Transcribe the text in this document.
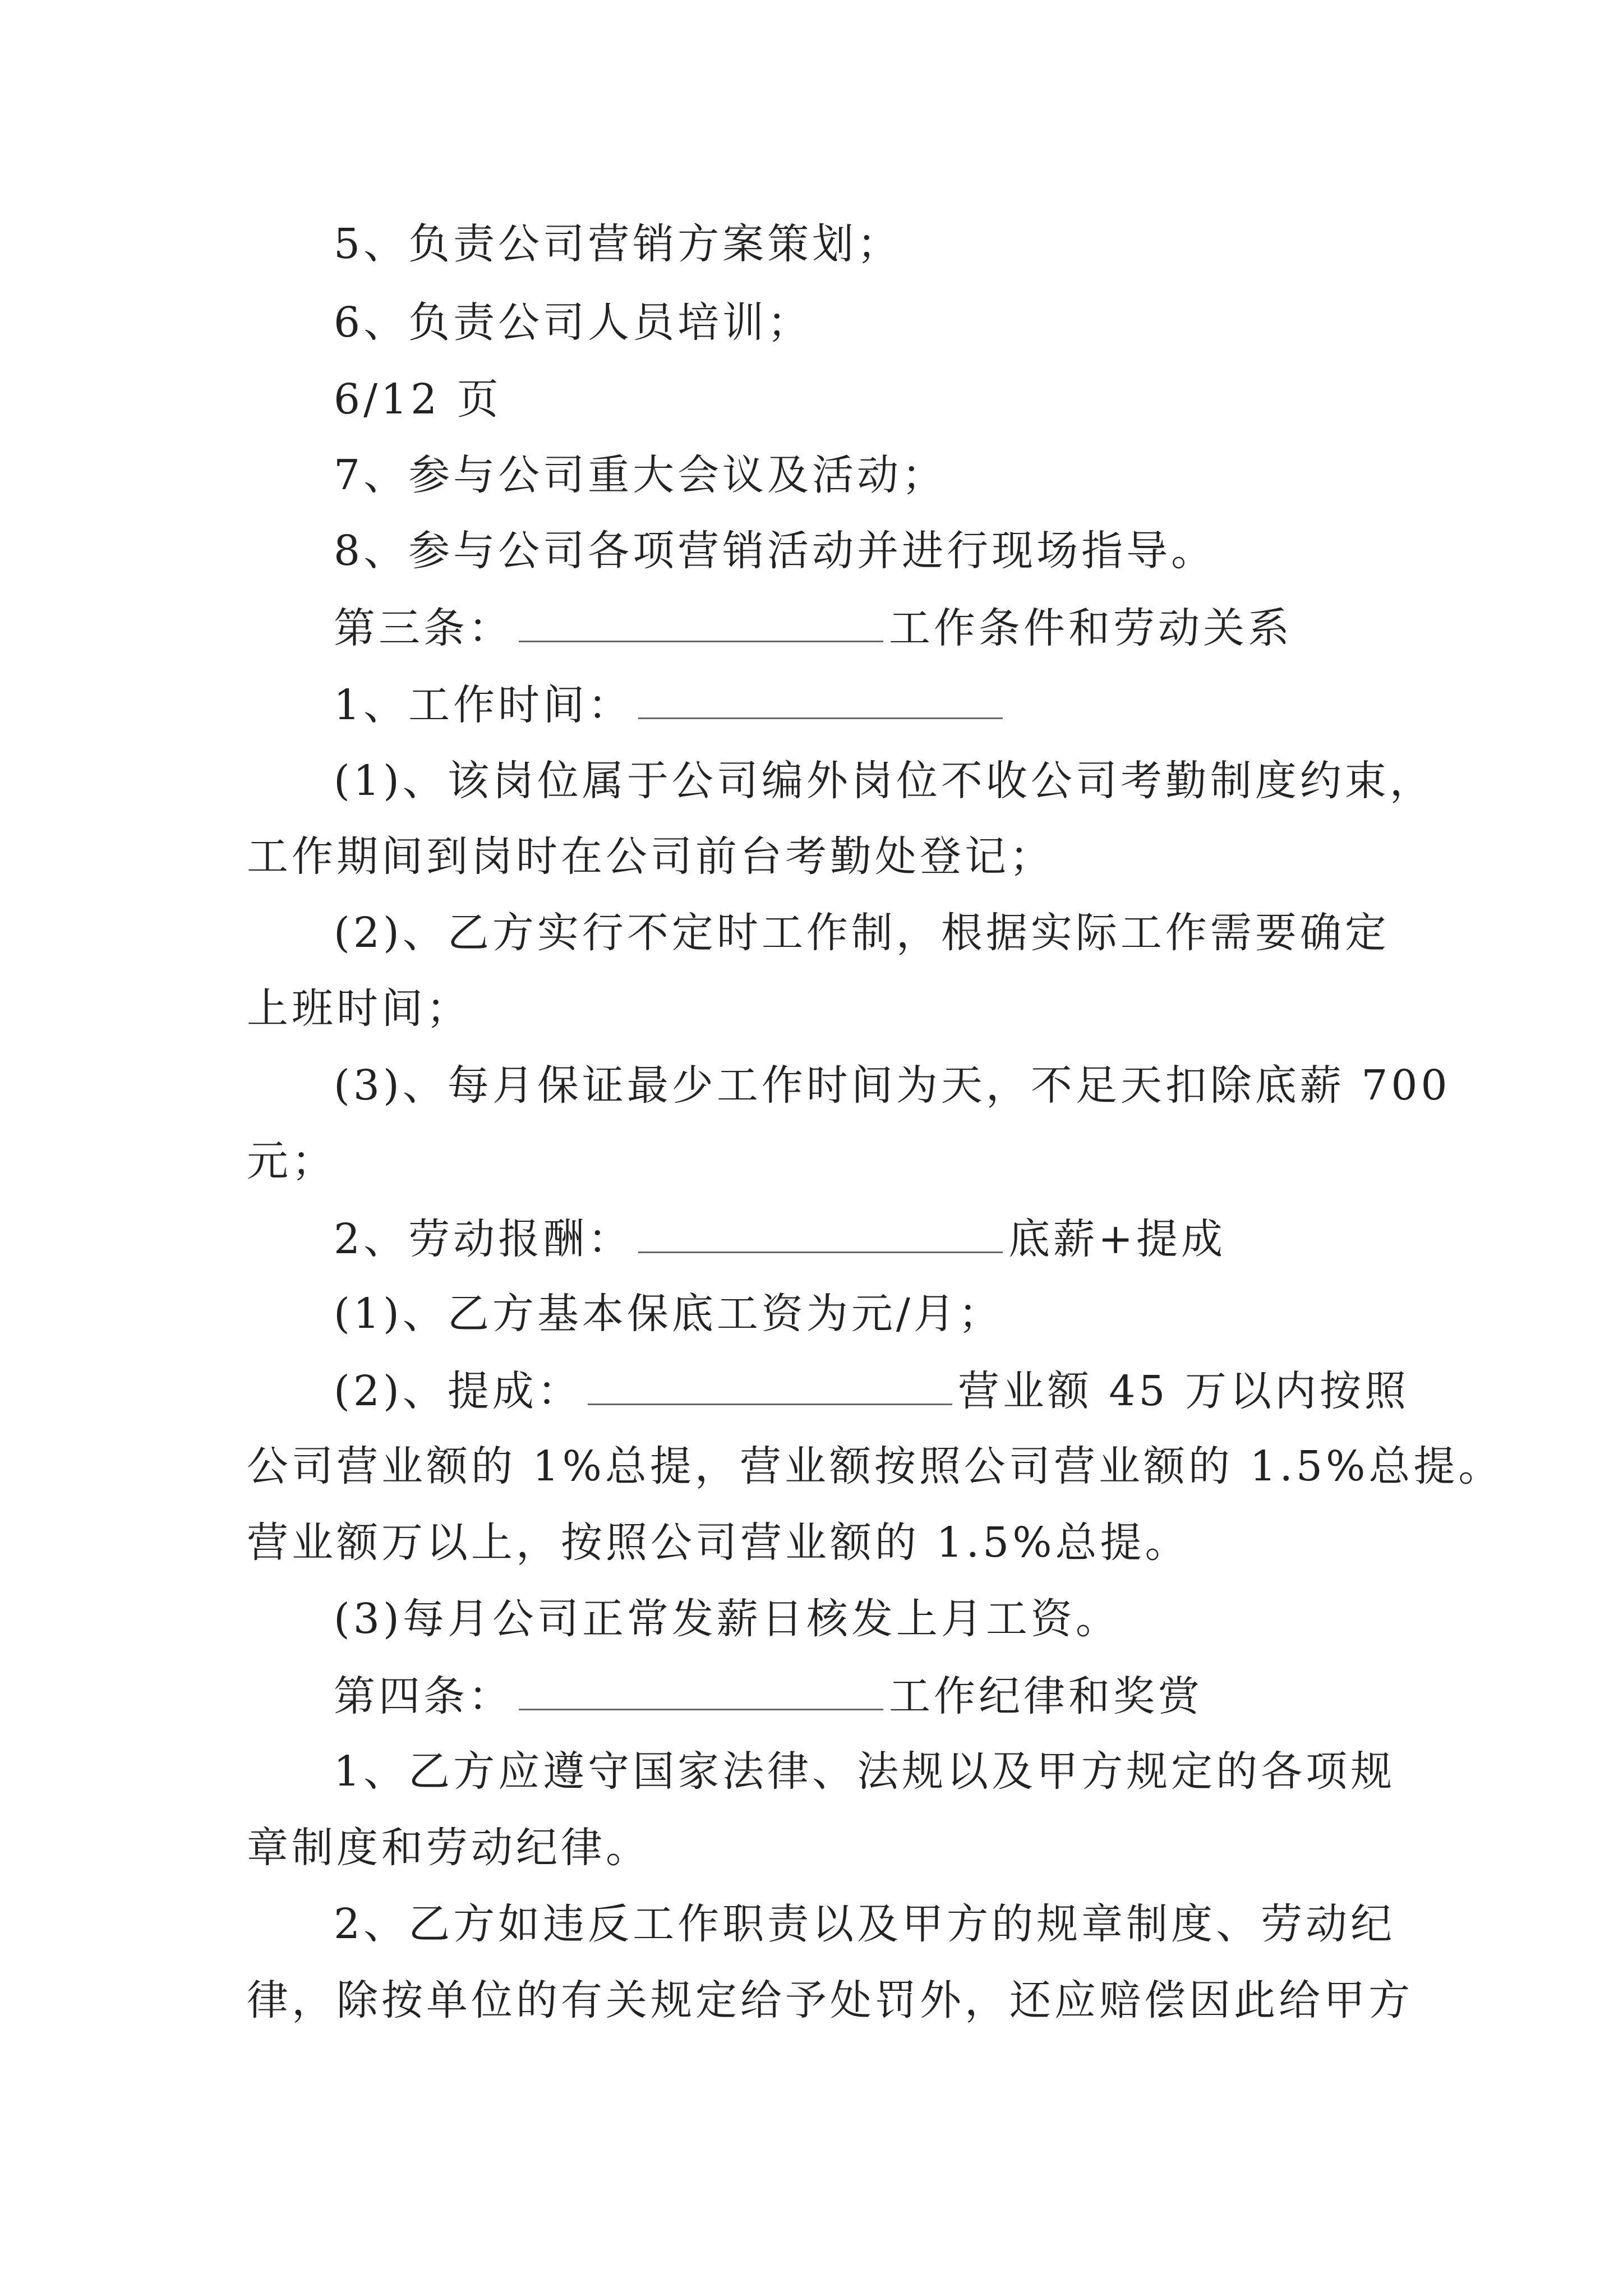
5、负责公司营销方案策划；
6、负责公司人员培训；
6/12 页
7、参与公司重大会议及活动；
8、参与公司各项营销活动并进行现场指导。
第三条：	工作条件和劳动关系
1、工作时间：
(1)、该岗位属于公司编外岗位不收公司考勤制度约束，
工作期间到岗时在公司前台考勤处登记；
(2)、乙方实行不定时工作制，根据实际工作需要确定
上班时间；
(3)、每月保证最少工作时间为天，不足天扣除底薪 700
元；
2、劳动报酬：	底薪+提成
(1)、乙方基本保底工资为元/月；
(2)、提成：	营业额 45 万以内按照
公司营业额的 1%总提，营业额按照公司营业额的 1.5%总提。
营业额万以上，按照公司营业额的 1.5%总提。
(3)每月公司正常发薪日核发上月工资。
第四条：	工作纪律和奖赏
1、乙方应遵守国家法律、法规以及甲方规定的各项规
章制度和劳动纪律。
2、乙方如违反工作职责以及甲方的规章制度、劳动纪
律，除按单位的有关规定给予处罚外，还应赔偿因此给甲方
